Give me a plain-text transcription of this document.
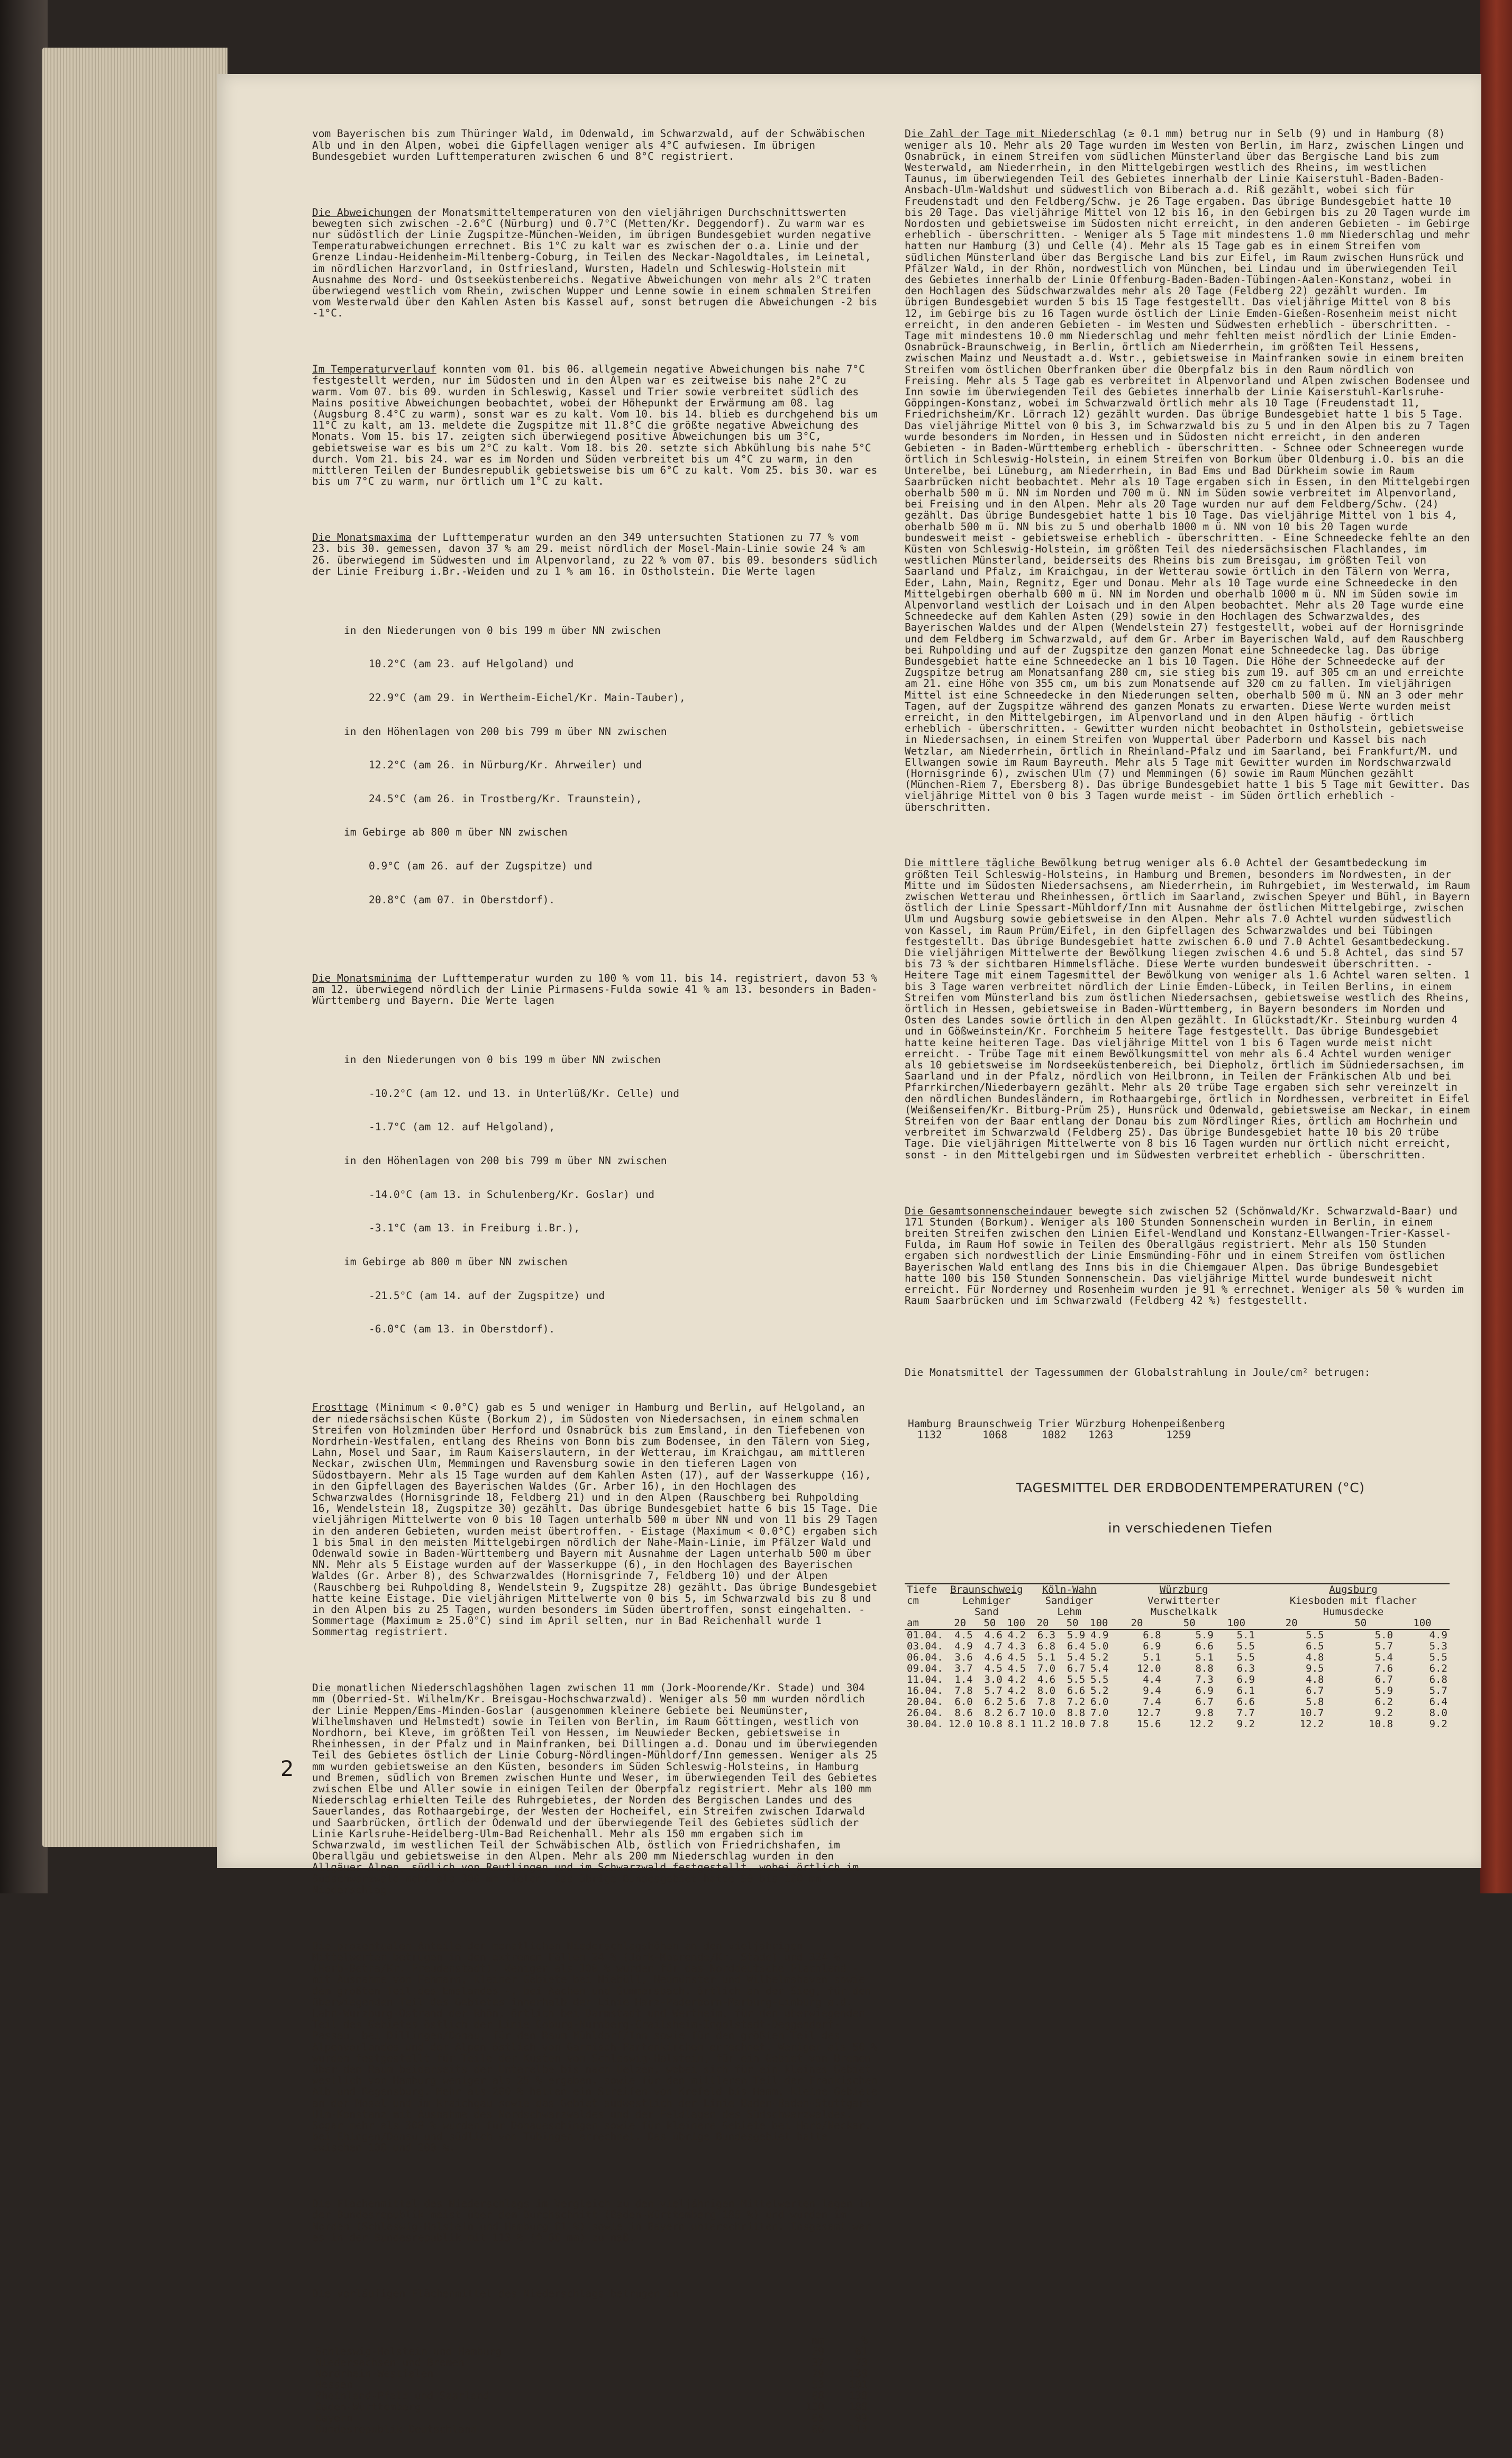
vom Bayerischen bis zum Thüringer Wald, im Odenwald, im Schwarzwald, auf der Schwäbischen Alb und in den Alpen, wobei die Gipfellagen weniger als 4°C aufwiesen. Im übrigen Bundesgebiet wurden Lufttemperaturen zwischen 6 und 8°C registriert.

Die Abweichungen der Monatsmitteltemperaturen von den vieljährigen Durchschnittswerten bewegten sich zwischen -2.6°C (Nürburg) und 0.7°C (Metten/Kr. Deggendorf). Zu warm war es nur südöstlich der Linie Zugspitze-München-Weiden, im übrigen Bundesgebiet wurden negative Temperaturabweichungen errechnet. Bis 1°C zu kalt war es zwischen der o.a. Linie und der Grenze Lindau-Heidenheim-Miltenberg-Coburg, in Teilen des Neckar-Nagoldtales, im Leinetal, im nördlichen Harzvorland, in Ostfriesland, Wursten, Hadeln und Schleswig-Holstein mit Ausnahme des Nord- und Ostseeküstenbereichs. Negative Abweichungen von mehr als 2°C traten überwiegend westlich vom Rhein, zwischen Wupper und Lenne sowie in einem schmalen Streifen vom Westerwald über den Kahlen Asten bis Kassel auf, sonst betrugen die Abweichungen -2 bis -1°C.

Im Temperaturverlauf konnten vom 01. bis 06. allgemein negative Abweichungen bis nahe 7°C festgestellt werden, nur im Südosten und in den Alpen war es zeitweise bis nahe 2°C zu warm. Vom 07. bis 09. wurden in Schleswig, Kassel und Trier sowie verbreitet südlich des Mains positive Abweichungen beobachtet, wobei der Höhepunkt der Erwärmung am 08. lag (Augsburg 8.4°C zu warm), sonst war es zu kalt. Vom 10. bis 14. blieb es durchgehend bis um 11°C zu kalt, am 13. meldete die Zugspitze mit 11.8°C die größte negative Abweichung des Monats. Vom 15. bis 17. zeigten sich überwiegend positive Abweichungen bis um 3°C, gebietsweise war es bis um 2°C zu kalt. Vom 18. bis 20. setzte sich Abkühlung bis nahe 5°C durch. Vom 21. bis 24. war es im Norden und Süden verbreitet bis um 4°C zu warm, in den mittleren Teilen der Bundesrepublik gebietsweise bis um 6°C zu kalt. Vom 25. bis 30. war es bis um 7°C zu warm, nur örtlich um 1°C zu kalt.

Die Monatsmaxima der Lufttemperatur wurden an den 349 untersuchten Stationen zu 77 % vom 23. bis 30. gemessen, davon 37 % am 29. meist nördlich der Mosel-Main-Linie sowie 24 % am 26. überwiegend im Südwesten und im Alpenvorland, zu 22 % vom 07. bis 09. besonders südlich der Linie Freiburg i.Br.-Weiden und zu 1 % am 16. in Ostholstein. Die Werte lagen

in den Niederungen von 0 bis 199 m über NN zwischen

10.2°C (am 23. auf Helgoland) und

22.9°C (am 29. in Wertheim-Eichel/Kr. Main-Tauber),

in den Höhenlagen von 200 bis 799 m über NN zwischen

12.2°C (am 26. in Nürburg/Kr. Ahrweiler) und

24.5°C (am 26. in Trostberg/Kr. Traunstein),

im Gebirge ab 800 m über NN zwischen

0.9°C (am 26. auf der Zugspitze) und

20.8°C (am 07. in Oberstdorf).

Die Monatsminima der Lufttemperatur wurden zu 100 % vom 11. bis 14. registriert, davon 53 % am 12. überwiegend nördlich der Linie Pirmasens-Fulda sowie 41 % am 13. besonders in Baden-Württemberg und Bayern. Die Werte lagen

in den Niederungen von 0 bis 199 m über NN zwischen

-10.2°C (am 12. und 13. in Unterlüß/Kr. Celle) und

-1.7°C (am 12. auf Helgoland),

in den Höhenlagen von 200 bis 799 m über NN zwischen

-14.0°C (am 13. in Schulenberg/Kr. Goslar) und

-3.1°C (am 13. in Freiburg i.Br.),

im Gebirge ab 800 m über NN zwischen

-21.5°C (am 14. auf der Zugspitze) und

-6.0°C (am 13. in Oberstdorf).

Frosttage (Minimum < 0.0°C) gab es 5 und weniger in Hamburg und Berlin, auf Helgoland, an der niedersächsischen Küste (Borkum 2), im Südosten von Niedersachsen, in einem schmalen Streifen von Holzminden über Herford und Osnabrück bis zum Emsland, in den Tiefebenen von Nordrhein-Westfalen, entlang des Rheins von Bonn bis zum Bodensee, in den Tälern von Sieg, Lahn, Mosel und Saar, im Raum Kaiserslautern, in der Wetterau, im Kraichgau, am mittleren Neckar, zwischen Ulm, Memmingen und Ravensburg sowie in den tieferen Lagen von Südostbayern. Mehr als 15 Tage wurden auf dem Kahlen Asten (17), auf der Wasserkuppe (16), in den Gipfellagen des Bayerischen Waldes (Gr. Arber 16), in den Hochlagen des Schwarzwaldes (Hornisgrinde 18, Feldberg 21) und in den Alpen (Rauschberg bei Ruhpolding 16, Wendelstein 18, Zugspitze 30) gezählt. Das übrige Bundesgebiet hatte 6 bis 15 Tage. Die vieljährigen Mittelwerte von 0 bis 10 Tagen unterhalb 500 m über NN und von 11 bis 29 Tagen in den anderen Gebieten, wurden meist übertroffen. - Eistage (Maximum < 0.0°C) ergaben sich 1 bis 5mal in den meisten Mittelgebirgen nördlich der Nahe-Main-Linie, im Pfälzer Wald und Odenwald sowie in Baden-Württemberg und Bayern mit Ausnahme der Lagen unterhalb 500 m über NN. Mehr als 5 Eistage wurden auf der Wasserkuppe (6), in den Hochlagen des Bayerischen Waldes (Gr. Arber 8), des Schwarzwaldes (Hornisgrinde 7, Feldberg 10) und der Alpen (Rauschberg bei Ruhpolding 8, Wendelstein 9, Zugspitze 28) gezählt. Das übrige Bundesgebiet hatte keine Eistage. Die vieljährigen Mittelwerte von 0 bis 5, im Schwarzwald bis zu 8 und in den Alpen bis zu 25 Tagen, wurden besonders im Süden übertroffen, sonst eingehalten. - Sommertage (Maximum ≥ 25.0°C) sind im April selten, nur in Bad Reichenhall wurde 1 Sommertag registriert.

Die monatlichen Niederschlagshöhen lagen zwischen 11 mm (Jork-Moorende/Kr. Stade) und 304 mm (Oberried-St. Wilhelm/Kr. Breisgau-Hochschwarzwald). Weniger als 50 mm wurden nördlich der Linie Meppen/Ems-Minden-Goslar (ausgenommen kleinere Gebiete bei Neumünster, Wilhelmshaven und Helmstedt) sowie in Teilen von Berlin, im Raum Göttingen, westlich von Nordhorn, bei Kleve, im größten Teil von Hessen, im Neuwieder Becken, gebietsweise in Rheinhessen, in der Pfalz und in Mainfranken, bei Dillingen a.d. Donau und im überwiegenden Teil des Gebietes östlich der Linie Coburg-Nördlingen-Mühldorf/Inn gemessen. Weniger als 25 mm wurden gebietsweise an den Küsten, besonders im Süden Schleswig-Holsteins, in Hamburg und Bremen, südlich von Bremen zwischen Hunte und Weser, im überwiegenden Teil des Gebietes zwischen Elbe und Aller sowie in einigen Teilen der Oberpfalz registriert. Mehr als 100 mm Niederschlag erhielten Teile des Ruhrgebietes, der Norden des Bergischen Landes und des Sauerlandes, das Rothaargebirge, der Westen der Hocheifel, ein Streifen zwischen Idarwald und Saarbrücken, örtlich der Odenwald und der überwiegende Teil des Gebietes südlich der Linie Karlsruhe-Heidelberg-Ulm-Bad Reichenhall. Mehr als 150 mm ergaben sich im Schwarzwald, im westlichen Teil der Schwäbischen Alb, östlich von Friedrichshafen, im Oberallgäu und gebietsweise in den Alpen. Mehr als 200 mm Niederschlag wurden in den Allgäuer Alpen, südlich von Reutlingen und im Schwarzwald festgestellt, wobei örtlich im Südschwarzwald mehr als 300 mm fielen. Das übrige Bundesgebiet hatte 50 bis 100 mm Niederschlag.

Die prozentualen Anteile der monatlichen Niederschlagshöhen an den vieljährigen Mittelwerten betrugen in den extremen Fällen 24 % (Jork-Moorende/Kr. Stade) und 324 % (Horb-Betra/Kr. Freudenstadt). Weniger als 100 % wurden für das Norddeutsche Flachland - mit Ausnahme von Fehmarn, kleiner Gebiete bei Niebüll, Neumünster und Wilhelmshaven sowie dem größten Teil des Emslandes -, bei Aachen und Gummersbach, örtlich an der Sieg, für den überwiegenden Teil des Gebietes innerhalb der Linie Harz-Paderborn-Marburg-Limburg a.d. Lahn-Würzburg-Ostrand der Rhön, örtlich bei Darmstadt und Wertheim, für den überwiegenden Teil des Gebietes östlich der Linie Coburg-Nürnberg-Crailsheim-Ingolstadt-Deggendorf-Passau, bei Dillingen/Donau, für den Raum Mühldorf/Inn sowie für den größten Teil des Alpenvorlandes und der Alpen östlich von Garmisch-Partenkirchen errechnet. Weniger als 50 % wurden festgestellt für Teile der Küsten von Schleswig-Holstein, für ein Gebiet von Bremen über den Raum beiderseits der Unterelbe bis nach Uelzen, wobei sich für ein kleines Gebiet westlich von Hamburg weniger als 25 % ergaben, sowie für den mittleren Teil der Fränkischen Alb und Regensburg. Mehr als 200 % hatten ein Streifen von Krefeld bis Hamm, kleine Gebiete an der Mosel und im Kraichgau sowie das Gebiet südwestlich der Linie Baden-Baden-Stuttgart-Ulm-Konstanz mit Ausnahme des Nordschwarzwaldes und der Feldlagen des Südschwarzwaldes. Sogar mehr als 300 % wurden für Donaueschingen sowie für kleinere Gebiete bei Horb/Neckar, bei Ehingen/Donau und südlich von Tübingen errechnet. Das übrige Bundesgebiet hatte zwischen 100 und 200 %.

Die Flächenmittel des Niederschlags im Vergleich zu den vieljährigen Mittelwerten lagen in der Bundesrepublik meist über dem Durchschnitt (Baden-Württemberg 188 %) und wurden im Norden (Schleswig-Holstein und Hamburg 61 %) sowie in Bayern unterschritten. Insgesamt war es in der Bundesrepublik mit 113 % (≙ 66 mm) zu naß.

Die vorläufigen Flächenmittel des Niederschlags betrugen in:

	mm	%
Schleswig-Holstein und Hamburg	29	61
Niedersachsen und Bremen	37	73
Nordrhein-Westfalen	79	139
Hessen	53	101
Rheinland-Pfalz und Saarland	68	138
Baden-Württemberg	130	188
Bayern	65	99
Bundesrepublik Deutschland	66	113

Die Zahl der Tage mit Niederschlag (≥ 0.1 mm) betrug nur in Selb (9) und in Hamburg (8) weniger als 10. Mehr als 20 Tage wurden im Westen von Berlin, im Harz, zwischen Lingen und Osnabrück, in einem Streifen vom südlichen Münsterland über das Bergische Land bis zum Westerwald, am Niederrhein, in den Mittelgebirgen westlich des Rheins, im westlichen Taunus, im überwiegenden Teil des Gebietes innerhalb der Linie Kaiserstuhl-Baden-Baden-Ansbach-Ulm-Waldshut und südwestlich von Biberach a.d. Riß gezählt, wobei sich für Freudenstadt und den Feldberg/Schw. je 26 Tage ergaben. Das übrige Bundesgebiet hatte 10 bis 20 Tage. Das vieljährige Mittel von 12 bis 16, in den Gebirgen bis zu 20 Tagen wurde im Nordosten und gebietsweise im Südosten nicht erreicht, in den anderen Gebieten - im Gebirge erheblich - überschritten. - Weniger als 5 Tage mit mindestens 1.0 mm Niederschlag und mehr hatten nur Hamburg (3) und Celle (4). Mehr als 15 Tage gab es in einem Streifen vom südlichen Münsterland über das Bergische Land bis zur Eifel, im Raum zwischen Hunsrück und Pfälzer Wald, in der Rhön, nordwestlich von München, bei Lindau und im überwiegenden Teil des Gebietes innerhalb der Linie Offenburg-Baden-Baden-Tübingen-Aalen-Konstanz, wobei in den Hochlagen des Südschwarzwaldes mehr als 20 Tage (Feldberg 22) gezählt wurden. Im übrigen Bundesgebiet wurden 5 bis 15 Tage festgestellt. Das vieljährige Mittel von 8 bis 12, im Gebirge bis zu 16 Tagen wurde östlich der Linie Emden-Gießen-Rosenheim meist nicht erreicht, in den anderen Gebieten - im Westen und Südwesten erheblich - überschritten. - Tage mit mindestens 10.0 mm Niederschlag und mehr fehlten meist nördlich der Linie Emden-Osnabrück-Braunschweig, in Berlin, örtlich am Niederrhein, im größten Teil Hessens, zwischen Mainz und Neustadt a.d. Wstr., gebietsweise in Mainfranken sowie in einem breiten Streifen vom östlichen Oberfranken über die Oberpfalz bis in den Raum nördlich von Freising. Mehr als 5 Tage gab es verbreitet in Alpenvorland und Alpen zwischen Bodensee und Inn sowie im überwiegenden Teil des Gebietes innerhalb der Linie Kaiserstuhl-Karlsruhe-Göppingen-Konstanz, wobei im Schwarzwald örtlich mehr als 10 Tage (Freudenstadt 11, Friedrichsheim/Kr. Lörrach 12) gezählt wurden. Das übrige Bundesgebiet hatte 1 bis 5 Tage. Das vieljährige Mittel von 0 bis 3, im Schwarzwald bis zu 5 und in den Alpen bis zu 7 Tagen wurde besonders im Norden, in Hessen und in Südosten nicht erreicht, in den anderen Gebieten - in Baden-Württemberg erheblich - überschritten. - Schnee oder Schneeregen wurde örtlich in Schleswig-Holstein, in einem Streifen von Borkum über Oldenburg i.O. bis an die Unterelbe, bei Lüneburg, am Niederrhein, in Bad Ems und Bad Dürkheim sowie im Raum Saarbrücken nicht beobachtet. Mehr als 10 Tage ergaben sich in Essen, in den Mittelgebirgen oberhalb 500 m ü. NN im Norden und 700 m ü. NN im Süden sowie verbreitet im Alpenvorland, bei Freising und in den Alpen. Mehr als 20 Tage wurden nur auf dem Feldberg/Schw. (24) gezählt. Das übrige Bundesgebiet hatte 1 bis 10 Tage. Das vieljährige Mittel von 1 bis 4, oberhalb 500 m ü. NN bis zu 5 und oberhalb 1000 m ü. NN von 10 bis 20 Tagen wurde bundesweit meist - gebietsweise erheblich - überschritten. - Eine Schneedecke fehlte an den Küsten von Schleswig-Holstein, im größten Teil des niedersächsischen Flachlandes, im westlichen Münsterland, beiderseits des Rheins bis zum Breisgau, im größten Teil von Saarland und Pfalz, im Kraichgau, in der Wetterau sowie örtlich in den Tälern von Werra, Eder, Lahn, Main, Regnitz, Eger und Donau. Mehr als 10 Tage wurde eine Schneedecke in den Mittelgebirgen oberhalb 600 m ü. NN im Norden und oberhalb 1000 m ü. NN im Süden sowie im Alpenvorland westlich der Loisach und in den Alpen beobachtet. Mehr als 20 Tage wurde eine Schneedecke auf dem Kahlen Asten (29) sowie in den Hochlagen des Schwarzwaldes, des Bayerischen Waldes und der Alpen (Wendelstein 27) festgestellt, wobei auf der Hornisgrinde und dem Feldberg im Schwarzwald, auf dem Gr. Arber im Bayerischen Wald, auf dem Rauschberg bei Ruhpolding und auf der Zugspitze den ganzen Monat eine Schneedecke lag. Das übrige Bundesgebiet hatte eine Schneedecke an 1 bis 10 Tagen. Die Höhe der Schneedecke auf der Zugspitze betrug am Monatsanfang 280 cm, sie stieg bis zum 19. auf 305 cm an und erreichte am 21. eine Höhe von 355 cm, um bis zum Monatsende auf 320 cm zu fallen. Im vieljährigen Mittel ist eine Schneedecke in den Niederungen selten, oberhalb 500 m ü. NN an 3 oder mehr Tagen, auf der Zugspitze während des ganzen Monats zu erwarten. Diese Werte wurden meist erreicht, in den Mittelgebirgen, im Alpenvorland und in den Alpen häufig - örtlich erheblich - überschritten. - Gewitter wurden nicht beobachtet in Ostholstein, gebietsweise in Niedersachsen, in einem Streifen von Wuppertal über Paderborn und Kassel bis nach Wetzlar, am Niederrhein, örtlich in Rheinland-Pfalz und im Saarland, bei Frankfurt/M. und Ellwangen sowie im Raum Bayreuth. Mehr als 5 Tage mit Gewitter wurden im Nordschwarzwald (Hornisgrinde 6), zwischen Ulm (7) und Memmingen (6) sowie im Raum München gezählt (München-Riem 7, Ebersberg 8). Das übrige Bundesgebiet hatte 1 bis 5 Tage mit Gewitter. Das vieljährige Mittel von 0 bis 3 Tagen wurde meist - im Süden örtlich erheblich - überschritten.

Die mittlere tägliche Bewölkung betrug weniger als 6.0 Achtel der Gesamtbedeckung im größten Teil Schleswig-Holsteins, in Hamburg und Bremen, besonders im Nordwesten, in der Mitte und im Südosten Niedersachsens, am Niederrhein, im Ruhrgebiet, im Westerwald, im Raum zwischen Wetterau und Rheinhessen, örtlich im Saarland, zwischen Speyer und Bühl, in Bayern östlich der Linie Spessart-Mühldorf/Inn mit Ausnahme der östlichen Mittelgebirge, zwischen Ulm und Augsburg sowie gebietsweise in den Alpen. Mehr als 7.0 Achtel wurden südwestlich von Kassel, im Raum Prüm/Eifel, in den Gipfellagen des Schwarzwaldes und bei Tübingen festgestellt. Das übrige Bundesgebiet hatte zwischen 6.0 und 7.0 Achtel Gesamtbedeckung. Die vieljährigen Mittelwerte der Bewölkung liegen zwischen 4.6 und 5.8 Achtel, das sind 57 bis 73 % der sichtbaren Himmelsfläche. Diese Werte wurden bundesweit überschritten. - Heitere Tage mit einem Tagesmittel der Bewölkung von weniger als 1.6 Achtel waren selten. 1 bis 3 Tage waren verbreitet nördlich der Linie Emden-Lübeck, in Teilen Berlins, in einem Streifen vom Münsterland bis zum östlichen Niedersachsen, gebietsweise westlich des Rheins, örtlich in Hessen, gebietsweise in Baden-Württemberg, in Bayern besonders im Norden und Osten des Landes sowie örtlich in den Alpen gezählt. In Glückstadt/Kr. Steinburg wurden 4 und in Gößweinstein/Kr. Forchheim 5 heitere Tage festgestellt. Das übrige Bundesgebiet hatte keine heiteren Tage. Das vieljährige Mittel von 1 bis 6 Tagen wurde meist nicht erreicht. - Trübe Tage mit einem Bewölkungsmittel von mehr als 6.4 Achtel wurden weniger als 10 gebietsweise im Nordseeküstenbereich, bei Diepholz, örtlich im Südniedersachsen, im Saarland und in der Pfalz, nördlich von Heilbronn, in Teilen der Fränkischen Alb und bei Pfarrkirchen/Niederbayern gezählt. Mehr als 20 trübe Tage ergaben sich sehr vereinzelt in den nördlichen Bundesländern, im Rothaargebirge, örtlich in Nordhessen, verbreitet in Eifel (Weißenseifen/Kr. Bitburg-Prüm 25), Hunsrück und Odenwald, gebietsweise am Neckar, in einem Streifen von der Baar entlang der Donau bis zum Nördlinger Ries, örtlich am Hochrhein und verbreitet im Schwarzwald (Feldberg 25). Das übrige Bundesgebiet hatte 10 bis 20 trübe Tage. Die vieljährigen Mittelwerte von 8 bis 16 Tagen wurden nur örtlich nicht erreicht, sonst - in den Mittelgebirgen und im Südwesten verbreitet erheblich - überschritten.

Die Gesamtsonnenscheindauer bewegte sich zwischen 52 (Schönwald/Kr. Schwarzwald-Baar) und 171 Stunden (Borkum). Weniger als 100 Stunden Sonnenschein wurden in Berlin, in einem breiten Streifen zwischen den Linien Eifel-Wendland und Konstanz-Ellwangen-Trier-Kassel-Fulda, im Raum Hof sowie in Teilen des Oberallgäus registriert. Mehr als 150 Stunden ergaben sich nordwestlich der Linie Emsmünding-Föhr und in einem Streifen vom östlichen Bayerischen Wald entlang des Inns bis in die Chiemgauer Alpen. Das übrige Bundesgebiet hatte 100 bis 150 Stunden Sonnenschein. Das vieljährige Mittel wurde bundesweit nicht erreicht. Für Norderney und Rosenheim wurden je 91 % errechnet. Weniger als 50 % wurden im Raum Saarbrücken und im Schwarzwald (Feldberg 42 %) festgestellt.

Die Monatsmittel der Tagessummen der Globalstrahlung in Joule/cm² betrugen:

Hamburg	Braunschweig	Trier	Würzburg	Hohenpeißenberg
1132	1068	1082	1263	1259

TAGESMITTEL DER ERDBODENTEMPERATUREN (°C)

in verschiedenen Tiefen

Tiefe	Braunschweig			Köln-Wahn			Würzburg			Augsburg		
cm	Lehmiger Sand			Sandiger Lehm			Verwitterter Muschelkalk			Kiesboden mit flacher Humusdecke		
am	20	50	100	20	50	100	20	50	100	20	50	100
01.04.	4.5	4.6	4.2	6.3	5.9	4.9	6.8	5.9	5.1	5.5	5.0	4.9
03.04.	4.9	4.7	4.3	6.8	6.4	5.0	6.9	6.6	5.5	6.5	5.7	5.3
06.04.	3.6	4.6	4.5	5.1	5.4	5.2	5.1	5.1	5.5	4.8	5.4	5.5
09.04.	3.7	4.5	4.5	7.0	6.7	5.4	12.0	8.8	6.3	9.5	7.6	6.2
11.04.	1.4	3.0	4.2	4.6	5.5	5.5	4.4	7.3	6.9	4.8	6.7	6.8
16.04.	7.8	5.7	4.2	8.0	6.6	5.2	9.4	6.9	6.1	6.7	5.9	5.7
20.04.	6.0	6.2	5.6	7.8	7.2	6.0	7.4	6.7	6.6	5.8	6.2	6.4
26.04.	8.6	8.2	6.7	10.0	8.8	7.0	12.7	9.8	7.7	10.7	9.2	8.0
30.04.	12.0	10.8	8.1	11.2	10.0	7.8	15.6	12.2	9.2	12.2	10.8	9.2

2
